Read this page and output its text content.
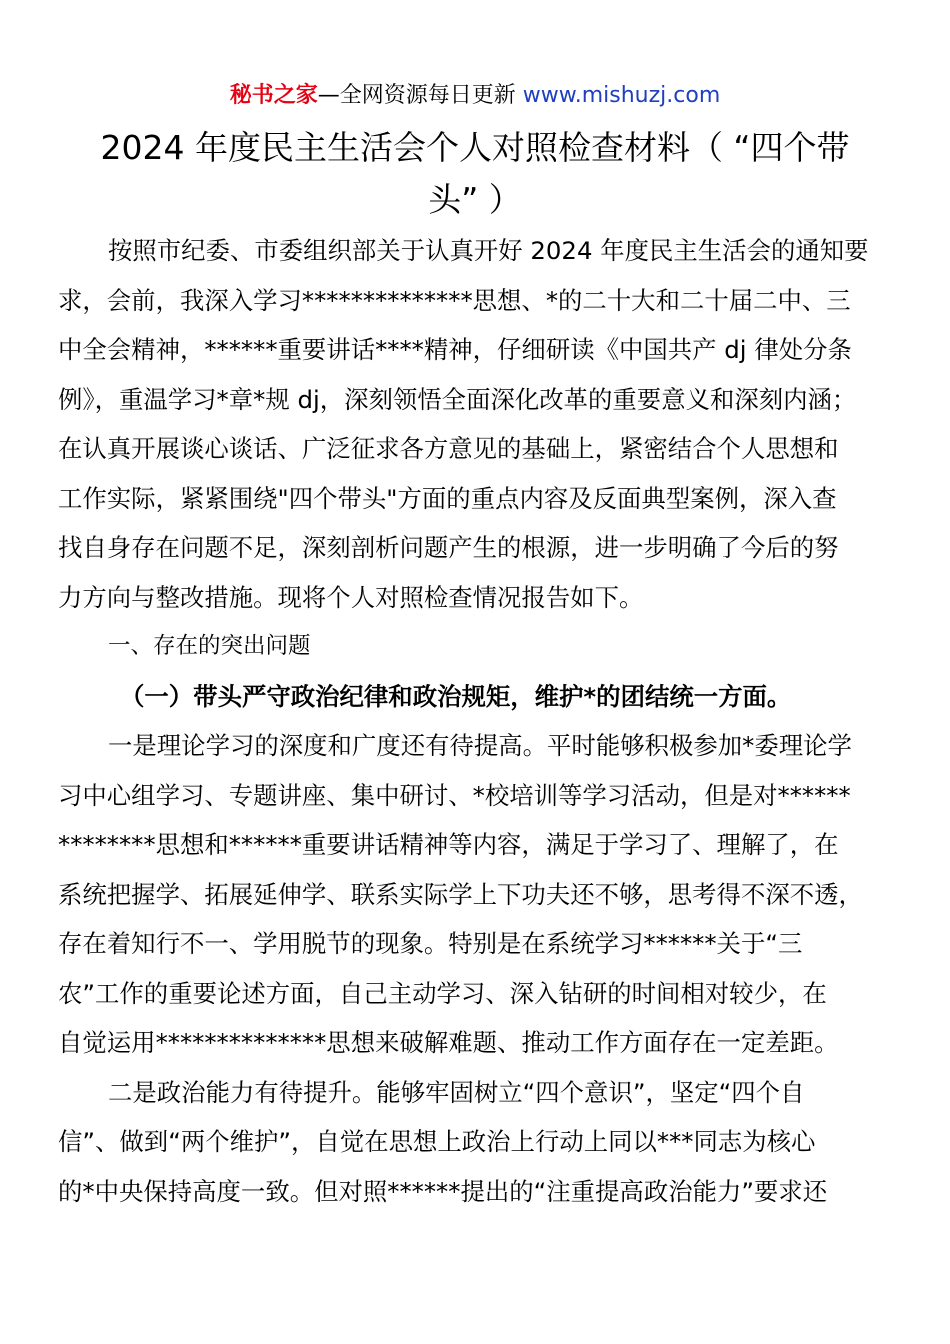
秘书之家—全网资源每日更新 www.mishuzj.com
2024 年度民主生活会个人对照检查材料（ “四个带
头” ）
按照市纪委、市委组织部关于认真开好 2024 年度民主生活会的通知要
求，会前，我深入学习**************思想、*的二十大和二十届二中、三
中全会精神，******重要讲话****精神，仔细研读《中国共产 dj 律处分条
例》，重温学习*章*规 dj，深刻领悟全面深化改革的重要意义和深刻内涵；
在认真开展谈心谈话、广泛征求各方意见的基础上，紧密结合个人思想和
工作实际，紧紧围绕"四个带头"方面的重点内容及反面典型案例，深入查
找自身存在问题不足，深刻剖析问题产生的根源，进一步明确了今后的努
力方向与整改措施。现将个人对照检查情况报告如下。
一、存在的突出问题
（一）带头严守政治纪律和政治规矩，维护*的团结统一方面。
一是理论学习的深度和广度还有待提高。平时能够积极参加*委理论学
习中心组学习、专题讲座、集中研讨、*校培训等学习活动，但是对******
********思想和******重要讲话精神等内容，满足于学习了、理解了，在
系统把握学、拓展延伸学、联系实际学上下功夫还不够，思考得不深不透，
存在着知行不一、学用脱节的现象。特别是在系统学习******关于“三
农”工作的重要论述方面，自己主动学习、深入钻研的时间相对较少，在
自觉运用**************思想来破解难题、推动工作方面存在一定差距。
二是政治能力有待提升。能够牢固树立“四个意识”，坚定“四个自
信”、做到“两个维护”，自觉在思想上政治上行动上同以***同志为核心
的*中央保持高度一致。但对照******提出的“注重提高政治能力”要求还
